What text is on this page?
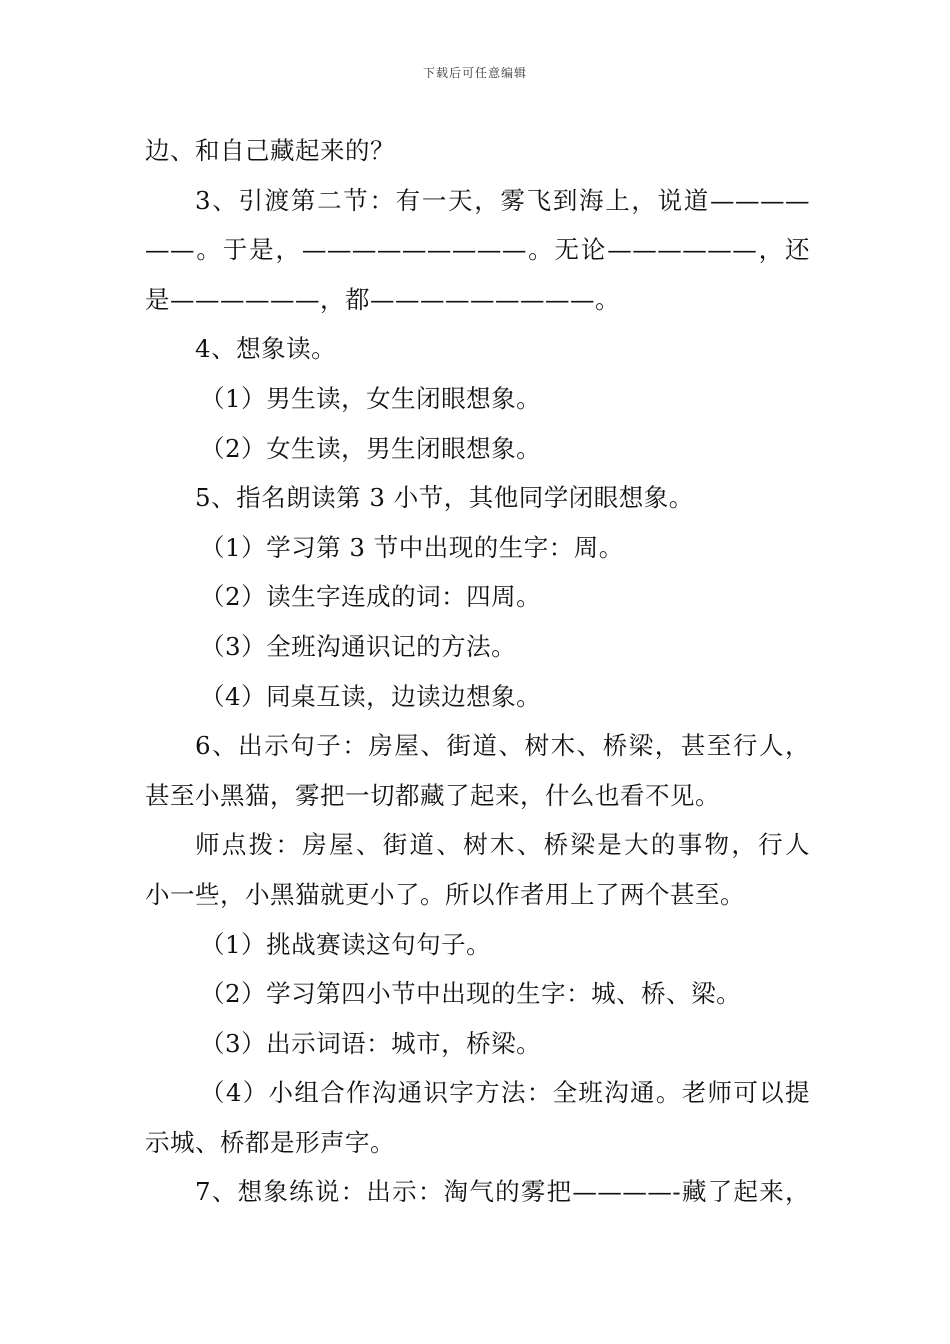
下载后可任意编辑
边、和自己藏起来的？
3、引渡第二节：有一天，雾飞到海上，说道————
——。于是，—————————。无论——————，还
是——————，都—————————。
4、想象读。
（1）男生读，女生闭眼想象。
（2）女生读，男生闭眼想象。
5、指名朗读第 3 小节，其他同学闭眼想象。
（1）学习第 3 节中出现的生字：周。
（2）读生字连成的词：四周。
（3）全班沟通识记的方法。
（4）同桌互读，边读边想象。
6、出示句子：房屋、街道、树木、桥梁，甚至行人，
甚至小黑猫，雾把一切都藏了起来，什么也看不见。
师点拨：房屋、街道、树木、桥梁是大的事物，行人
小一些，小黑猫就更小了。所以作者用上了两个甚至。
（1）挑战赛读这句句子。
（2）学习第四小节中出现的生字：城、桥、梁。
（3）出示词语：城市，桥梁。
（4）小组合作沟通识字方法：全班沟通。老师可以提
示城、桥都是形声字。
7、想象练说：出示：淘气的雾把————-藏了起来，
